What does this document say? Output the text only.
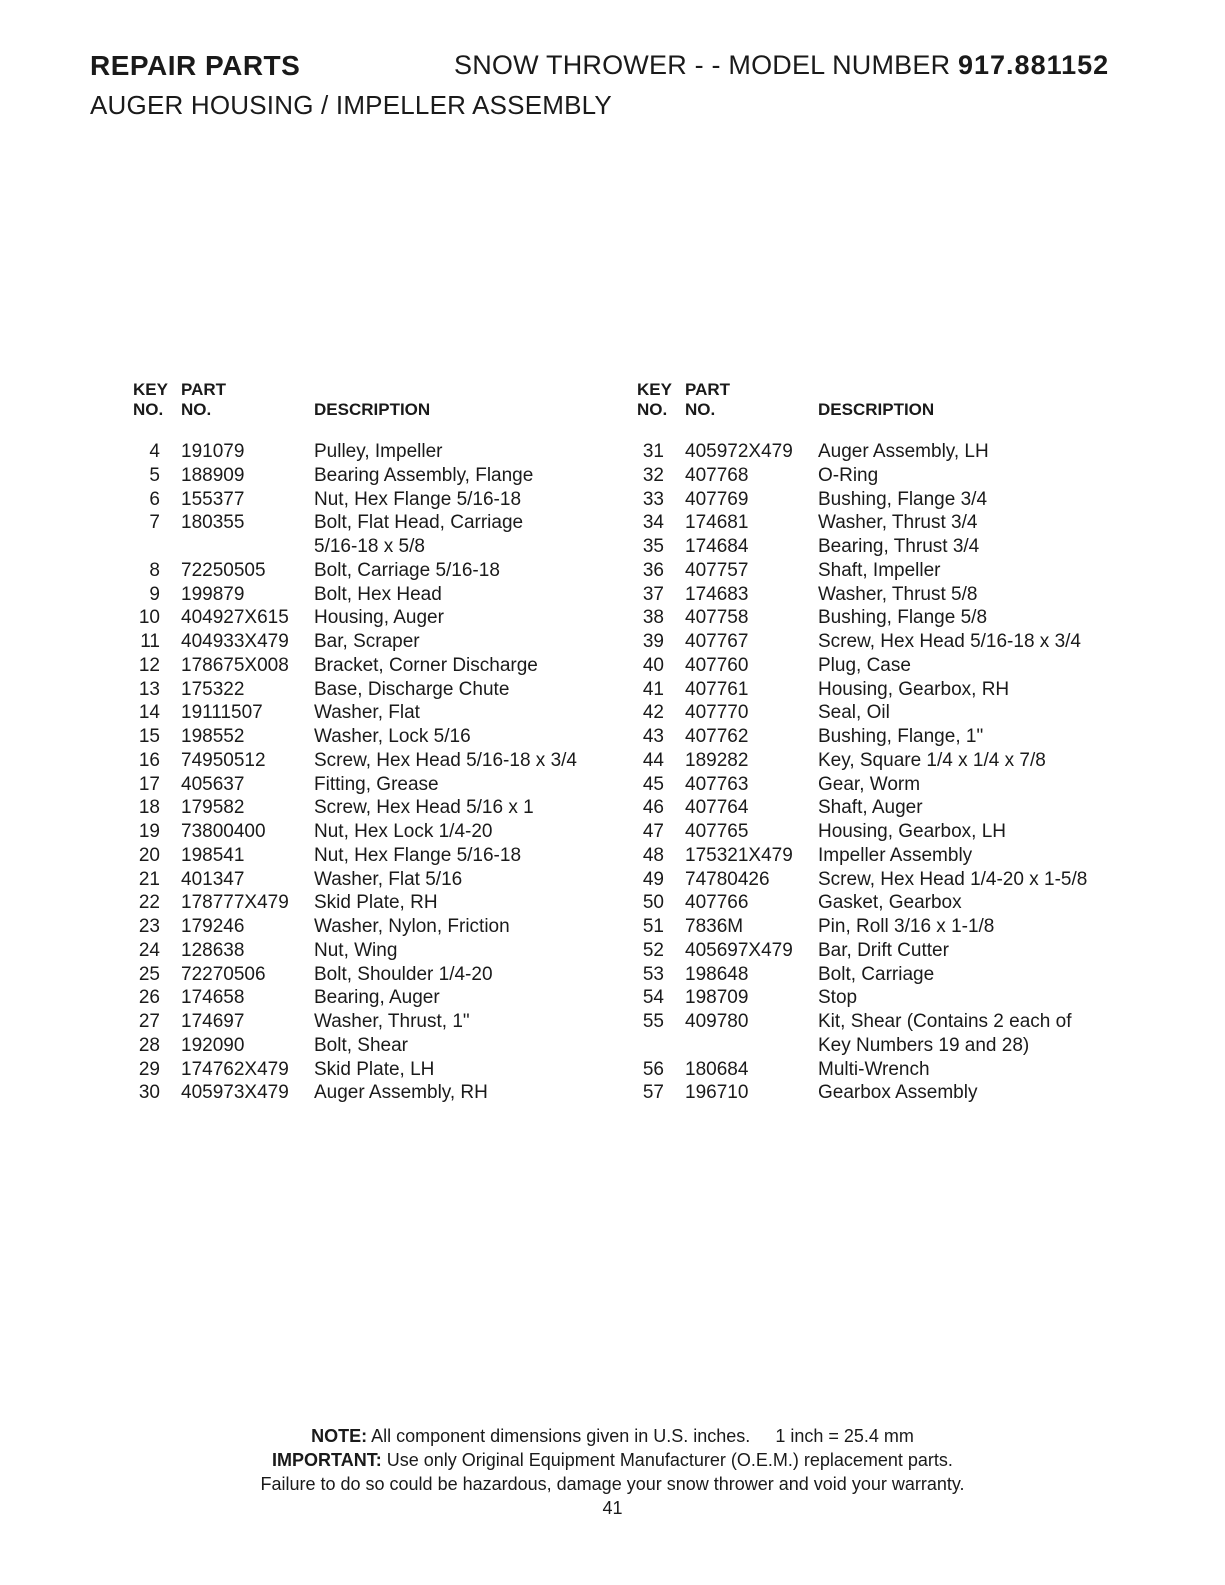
REPAIR PARTS	SNOW THROWER - - MODEL NUMBER 917.881152
AUGER HOUSING / IMPELLER ASSEMBLY
KEY
NO.
PART
NO.	DESCRIPTION
4 191079	Pulley, Impeller
5 188909	Bearing Assembly, Flange
6 155377	Nut, Hex Flange 5/16-18
7 180355	Bolt, Flat Head, Carriage
5/16-18 x 5/8
8 72250505	Bolt, Carriage 5/16-18
9 199879	Bolt, Hex Head
10 404927X615 Housing, Auger
11 404933X479 Bar, Scraper
12 178675X008 Bracket, Corner Discharge
13 175322	Base, Discharge Chute
14 19111507	Washer, Flat
15 198552	Washer, Lock 5/16
16 74950512	Screw, Hex Head 5/16-18 x 3/4
17 405637	Fitting, Grease
18 179582	Screw, Hex Head 5/16 x 1
19 73800400	Nut, Hex Lock 1/4-20
20 198541	Nut, Hex Flange 5/16-18
21 401347	Washer, Flat 5/16
22 178777X479 Skid Plate, RH
23 179246	Washer, Nylon, Friction
24 128638	Nut, Wing
25 72270506	Bolt, Shoulder 1/4-20
26 174658	Bearing, Auger
27 174697	Washer, Thrust, 1"
28 192090	Bolt, Shear
29 174762X479 Skid Plate, LH
30 405973X479 Auger Assembly, RH
KEY
NO.
PART
NO.	DESCRIPTION
31 405972X479 Auger Assembly, LH
32 407768	O-Ring
33 407769	Bushing, Flange 3/4
34 174681	Washer, Thrust 3/4
35 174684	Bearing, Thrust 3/4
36 407757	Shaft, Impeller
37 174683	Washer, Thrust 5/8
38 407758	Bushing, Flange 5/8
39 407767	Screw, Hex Head 5/16-18 x 3/4
40 407760	Plug, Case
41 407761	Housing, Gearbox, RH
42 407770	Seal, Oil
43 407762	Bushing, Flange, 1"
44 189282	Key, Square 1/4 x 1/4 x 7/8
45 407763	Gear, Worm
46 407764	Shaft, Auger
47 407765	Housing, Gearbox, LH
48 175321X479 Impeller Assembly
49 74780426	Screw, Hex Head 1/4-20 x 1-5/8
50 407766	Gasket, Gearbox
51 7836M	Pin, Roll 3/16 x 1-1/8
52 405697X479 Bar, Drift Cutter
53 198648	Bolt, Carriage
54 198709	Stop
55 409780	Kit, Shear (Contains 2 each of
Key Numbers 19 and 28)
56 180684	Multi-Wrench
57 196710	Gearbox Assembly
NOTE: All component dimensions given in U.S. inches.     1 inch = 25.4 mm
IMPORTANT: Use only Original Equipment Manufacturer (O.E.M.) replacement parts.
Failure to do so could be hazardous, damage your snow thrower and void your warranty.
41
